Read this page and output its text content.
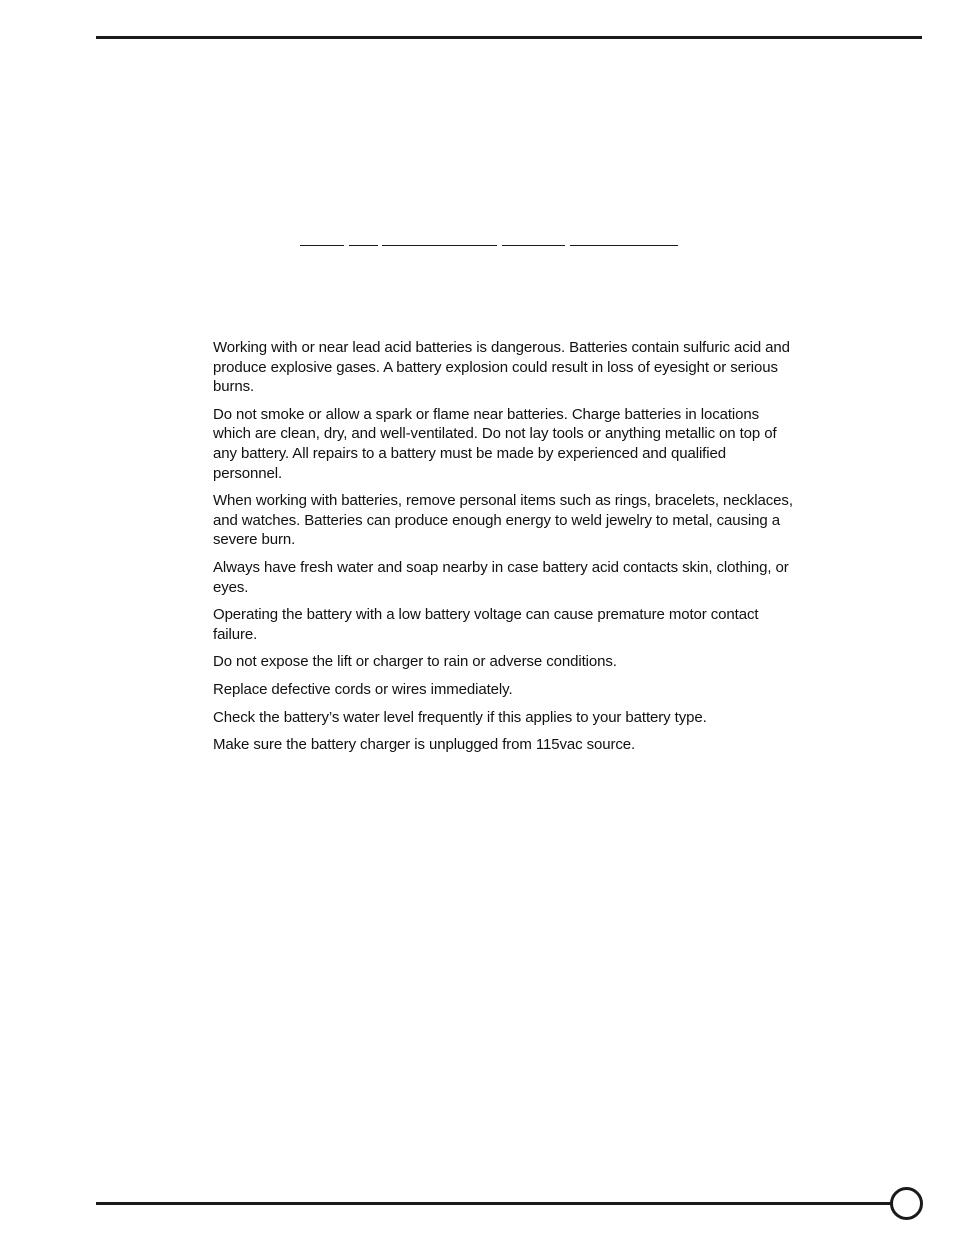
Working with or near lead acid batteries is dangerous. Batteries contain sulfuric acid and produce explosive gases. A battery explosion could result in loss of eyesight or serious burns.

Do not smoke or allow a spark or flame near batteries. Charge batteries in locations which are clean, dry, and well-ventilated. Do not lay tools or anything metallic on top of any battery. All repairs to a battery must be made by experienced and qualified personnel.

When working with batteries, remove personal items such as rings, bracelets, necklaces, and watches. Batteries can produce enough energy to weld jewelry to metal, causing a severe burn.

Always have fresh water and soap nearby in case battery acid contacts skin, clothing, or eyes.

Operating the battery with a low battery voltage can cause premature motor contact failure.

Do not expose the lift or charger to rain or adverse conditions.

Replace defective cords or wires immediately.

Check the battery’s water level frequently if this applies to your battery type.

Make sure the battery charger is unplugged from 115vac source.
